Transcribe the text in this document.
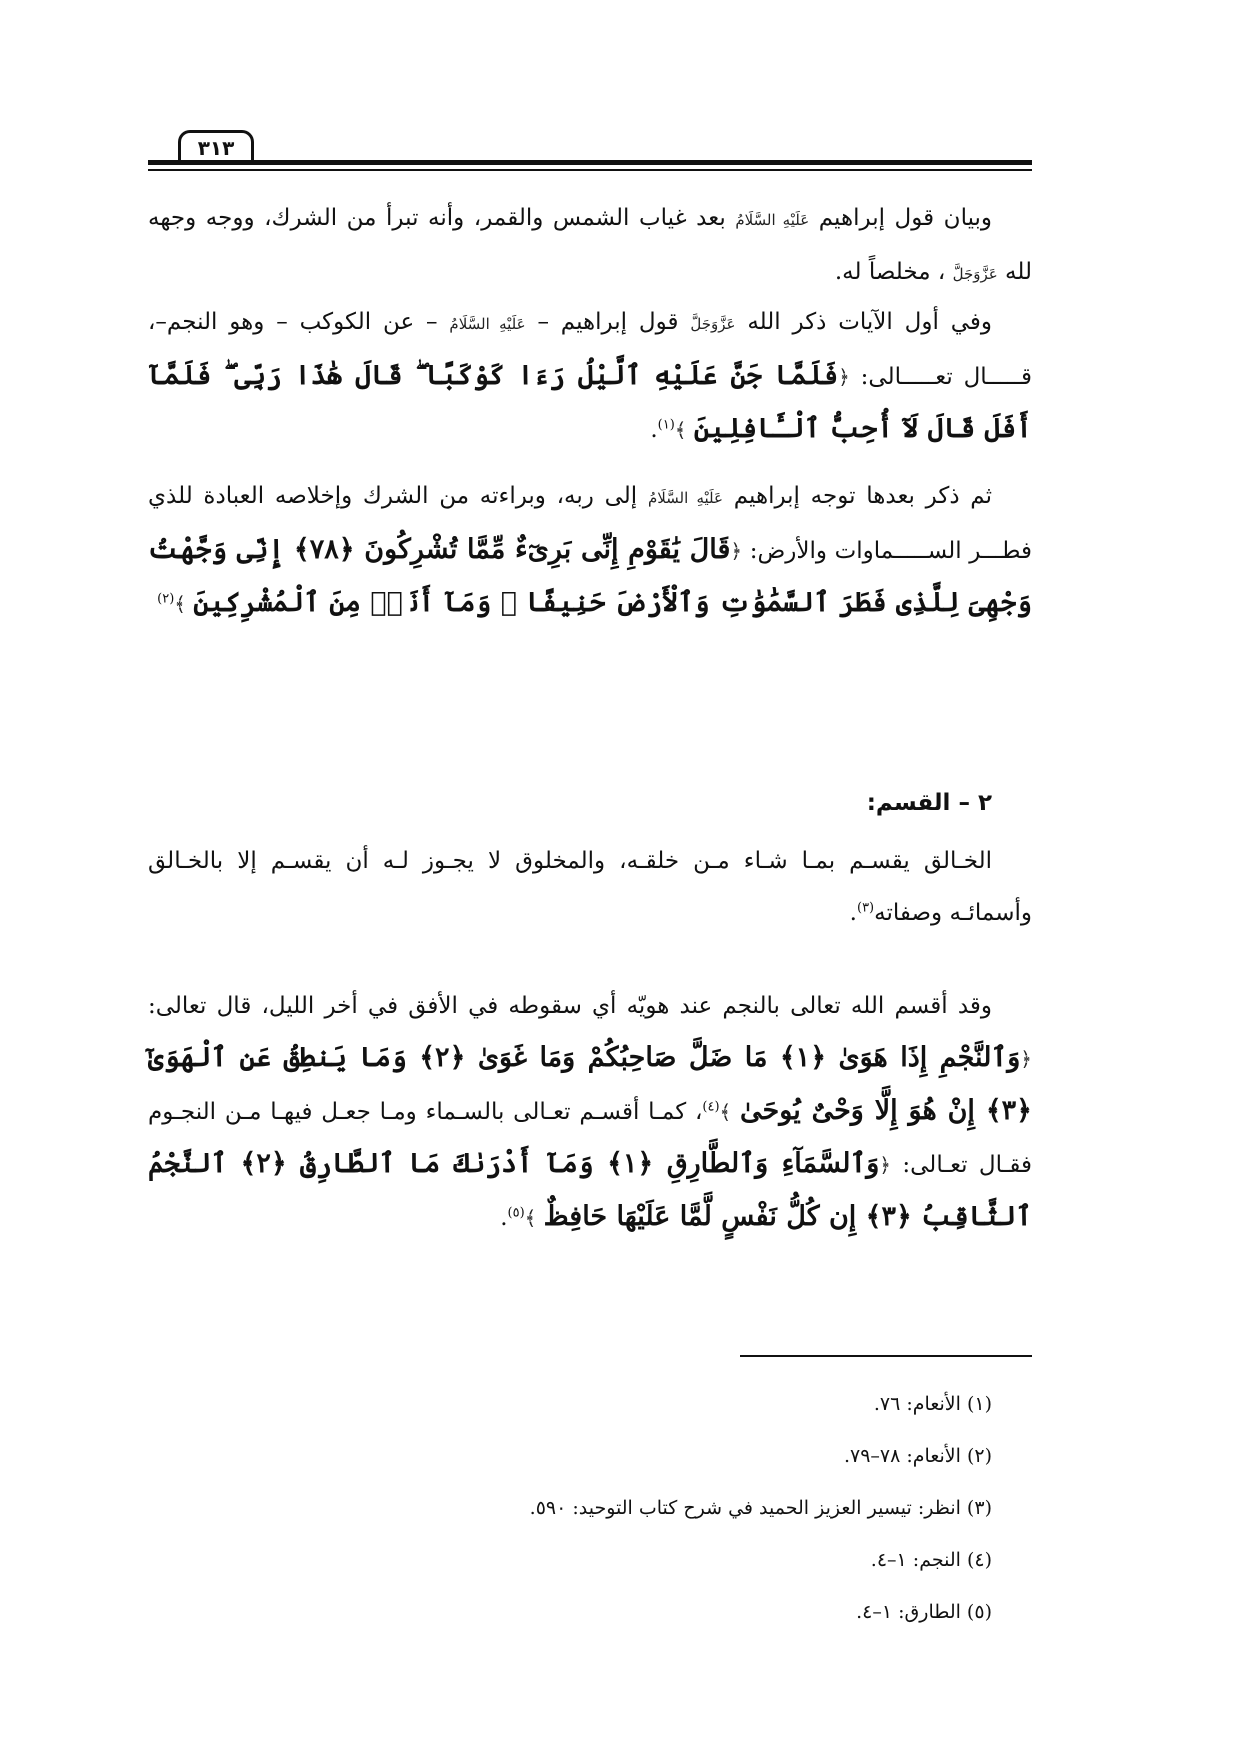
٣١٣
وبيان قول إبراهيم عَلَيْهِ السَّلَامُ بعد غياب الشمس والقمر، وأنه تبرأ من الشرك، ووجه وجهه لله عَزَّوَجَلَّ ، مخلصاً له.
وفي أول الآيات ذكر الله عَزَّوَجَلَّ قول إبراهيم – عَلَيْهِ السَّلَامُ – عن الكوكب – وهو النجم–، قـــــال تعـــــالى: ﴿فَلَمَّا جَنَّ عَلَيْهِ ٱلَّيْلُ رَءَا كَوْكَبًا ۖ قَالَ هَٰذَا رَبِّى ۖ فَلَمَّآ أَفَلَ قَالَ لَآ أُحِبُّ ٱلْـَٔافِلِينَ ﴾$^{(١)}$.
ثم ذكر بعدها توجه إبراهيم عَلَيْهِ السَّلَامُ إلى ربه، وبراءته من الشرك وإخلاصه العبادة للذي فطـــر الســـــماوات والأرض: ﴿قَالَ يَٰقَوْمِ إِنِّى بَرِىٓءٌ مِّمَّا تُشْرِكُونَ ﴿٧٨﴾ إِنِّى وَجَّهْتُ وَجْهِىَ لِلَّذِى فَطَرَ ٱلسَّمَٰوَٰتِ وَٱلْأَرْضَ حَنِيفًا ۖ وَمَآ أَنَا۠ مِنَ ٱلْمُشْرِكِينَ ﴾$^{(٢)}$
٢ – القسم:
الخـالق يقسـم بمـا شـاء مـن خلقـه، والمخلوق لا يجـوز لـه أن يقسـم إلا بالخـالق وأسمائـه وصفاته$^{(٣)}$.
وقد أقسم الله تعالى بالنجم عند هويّه أي سقوطه في الأفق في أخر الليل، قال تعالى: ﴿وَٱلنَّجْمِ إِذَا هَوَىٰ ﴿١﴾ مَا ضَلَّ صَاحِبُكُمْ وَمَا غَوَىٰ ﴿٢﴾ وَمَا يَنطِقُ عَنِ ٱلْهَوَىٰٓ ﴿٣﴾ إِنْ هُوَ إِلَّا وَحْىٌ يُوحَىٰ ﴾$^{(٤)}$، كمـا أقسـم تعـالى بالسـماء ومـا جعـل فيهـا مـن النجـوم فقـال تعـالى: ﴿وَٱلسَّمَآءِ وَٱلطَّارِقِ ﴿١﴾ وَمَآ أَدْرَىٰكَ مَا ٱلطَّارِقُ ﴿٢﴾ ٱلنَّجْمُ ٱلثَّاقِبُ ﴿٣﴾ إِن كُلُّ نَفْسٍ لَّمَّا عَلَيْهَا حَافِظٌ ﴾$^{(٥)}$.
(١) الأنعام: ٧٦.
(٢) الأنعام: ٧٨–٧٩.
(٣) انظر: تيسير العزيز الحميد في شرح كتاب التوحيد: ٥٩٠.
(٤) النجم: ١–٤.
(٥) الطارق: ١–٤.
